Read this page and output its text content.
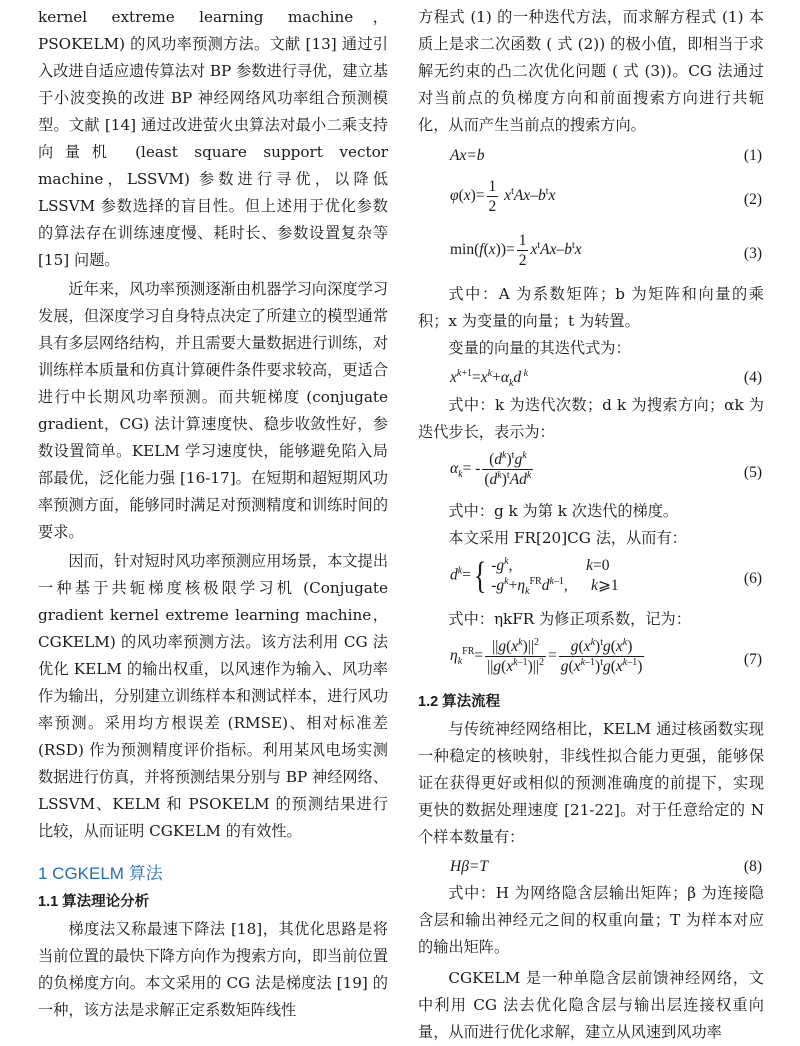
kernel extreme learning machine，PSOKELM) 的风功率预测方法。文献 [13] 通过引入改进自适应遗传算法对 BP 参数进行寻优，建立基于小波变换的改进 BP 神经网络风功率组合预测模型。文献 [14] 通过改进萤火虫算法对最小二乘支持向量机 (least square support vector machine，LSSVM) 参数进行寻优，以降低 LSSVM 参数选择的盲目性。但上述用于优化参数的算法存在训练速度慢、耗时长、参数设置复杂等 [15] 问题。

近年来，风功率预测逐渐由机器学习向深度学习发展，但深度学习自身特点决定了所建立的模型通常具有多层网络结构，并且需要大量数据进行训练，对训练样本质量和仿真计算硬件条件要求较高，更适合进行中长期风功率预测。而共轭梯度 (conjugate gradient，CG) 法计算速度快、稳步收敛性好，参数设置简单。KELM 学习速度快，能够避免陷入局部最优，泛化能力强 [16-17]。在短期和超短期风功率预测方面，能够同时满足对预测精度和训练时间的要求。

因而，针对短时风功率预测应用场景，本文提出一种基于共轭梯度核极限学习机 (Conjugate gradient kernel extreme learning machine，CGKELM) 的风功率预测方法。该方法利用 CG 法优化 KELM 的输出权重，以风速作为输入、风功率作为输出，分别建立训练样本和测试样本，进行风功率预测。采用均方根误差 (RMSE)、相对标准差 (RSD) 作为预测精度评价指标。利用某风电场实测数据进行仿真，并将预测结果分别与 BP 神经网络、LSSVM、KELM 和 PSOKELM 的预测结果进行比较，从而证明 CGKELM 的有效性。

1 CGKELM 算法
1.1 算法理论分析

梯度法又称最速下降法 [18]，其优化思路是将当前位置的最快下降方向作为搜索方向，即当前位置的负梯度方向。本文采用的 CG 法是梯度法 [19] 的一种，该方法是求解正定系数矩阵线性

方程式 (1) 的一种迭代方法，而求解方程式 (1) 本质上是求二次函数 ( 式 (2)) 的极小值，即相当于求解无约束的凸二次优化问题 ( 式 (3))。CG 法通过对当前点的负梯度方向和前面搜索方向进行共轭化，从而产生当前点的搜索方向。

Ax=b	(1)
$\varphi(x)= \frac{1}{2} x^tAx-b^tx$	(2)
$\min(f(x))= \frac{1}{2} x^tAx-b^tx$	(3)

式中：A 为系数矩阵；b 为矩阵和向量的乘积；x 为变量的向量；t 为转置。

变量的向量的其迭代式为：

$x^{k+1}=x^k+\alpha_kd$ $^k$	(4)

式中：k 为迭代次数；d k 为搜索方向；αk 为迭代步长，表示为：

$\alpha_k= - \frac{(d^k)^tg^k}{(d^k)^tAd^k}$	(5)

式中：g k 为第 k 次迭代的梯度。

本文采用 FR[20]CG 法，从而有：

$d^k=${ $-g^k$,                   k=0
$-g^k+\eta_k^{FR}d^{k-1}$,      k⩾1	(6)

式中：ηkFR 为修正项系数，记为：

$\eta_k^{FR}= \frac{||g(x^k)||^2}{||g(x^{k-1})||^2} = \frac{g(x^k)^tg(x^k)}{g(x^{k-1})^tg(x^{k-1})}$	(7)
1.2 算法流程

与传统神经网络相比，KELM 通过核函数实现一种稳定的核映射，非线性拟合能力更强，能够保证在获得更好或相似的预测准确度的前提下，实现更快的数据处理速度 [21-22]。对于任意给定的 N 个样本数量有：

Hβ=T	(8)

式中：H 为网络隐含层输出矩阵；β 为连接隐含层和输出神经元之间的权重向量；T 为样本对应的输出矩阵。

CGKELM 是一种单隐含层前馈神经网络，文中利用 CG 法去优化隐含层与输出层连接权重向量，从而进行优化求解，建立从风速到风功率
